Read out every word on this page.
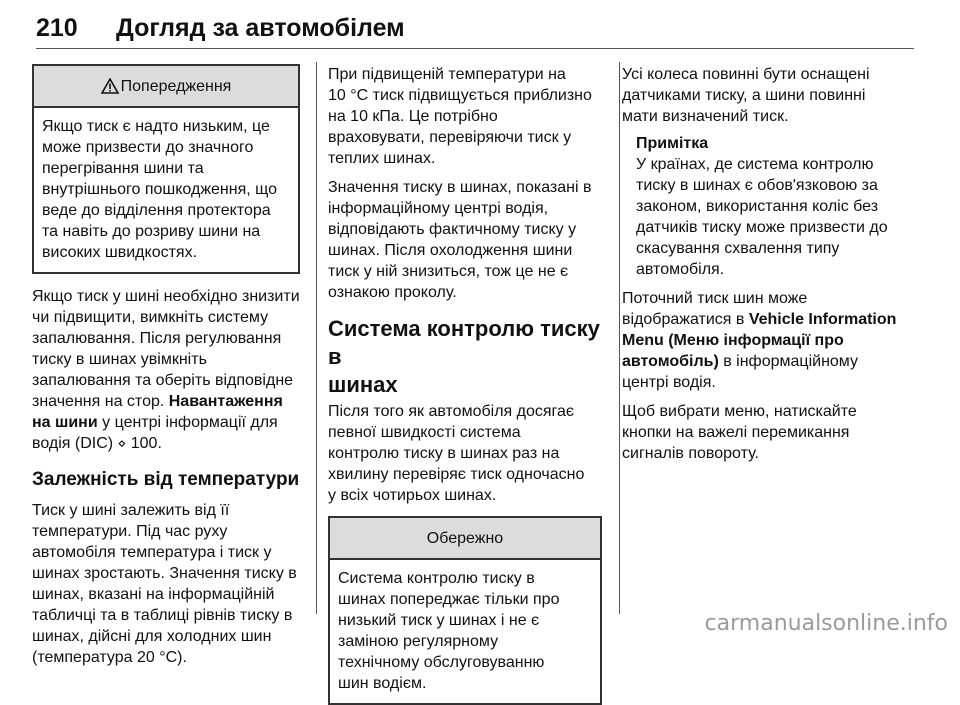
210 Догляд за автомобілем
Попередження

Якщо тиск є надто низьким, це

може призвести до значного

перегрівання шини та

внутрішнього пошкодження, що

веде до відділення протектора

та навіть до розриву шини на

високих швидкостях.

Якщо тиск у шині необхідно знизити

чи підвищити, вимкніть систему

запалювання. Після регулювання

тиску в шинах увімкніть

запалювання та оберіть відповідне

значення на стор. Навантаження

на шини у центрі інформації для

водія (DIC) ⋄ 100.

Залежність від температури

Тиск у шині залежить від її

температури. Під час руху

автомобіля температура і тиск у

шинах зростають. Значення тиску в

шинах, вказані на інформаційній

табличці та в таблиці рівнів тиску в

шинах, дійсні для холодних шин

(температура 20 °C).

При підвищеній температури на

10 °C тиск підвищується приблизно

на 10 кПа. Це потрібно

враховувати, перевіряючи тиск у

теплих шинах.

Значення тиску в шинах, показані в

інформаційному центрі водія,

відповідають фактичному тиску у

шинах. Після охолодження шини

тиск у ній знизиться, тож це не є

ознакою проколу.

Система контролю тиску в

шинах

Після того як автомобіля досягає

певної швидкості система

контролю тиску в шинах раз на

хвилину перевіряє тиск одночасно

у всіх чотирьох шинах.

Обережно

Система контролю тиску в

шинах попереджає тільки про

низький тиск у шинах і не є

заміною регулярному

технічному обслуговуванню

шин водієм.

Усі колеса повинні бути оснащені

датчиками тиску, а шини повинні

мати визначений тиск.

Примітка

У країнах, де система контролю

тиску в шинах є обов'язковою за

законом, використання коліс без

датчиків тиску може призвести до

скасування схвалення типу

автомобіля.

Поточний тиск шин може

відображатися в Vehicle Information

Menu (Меню інформації про

автомобіль) в інформаційному

центрі водія.

Щоб вибрати меню, натискайте

кнопки на важелі перемикання

сигналів повороту.

carmanualsonline.info
